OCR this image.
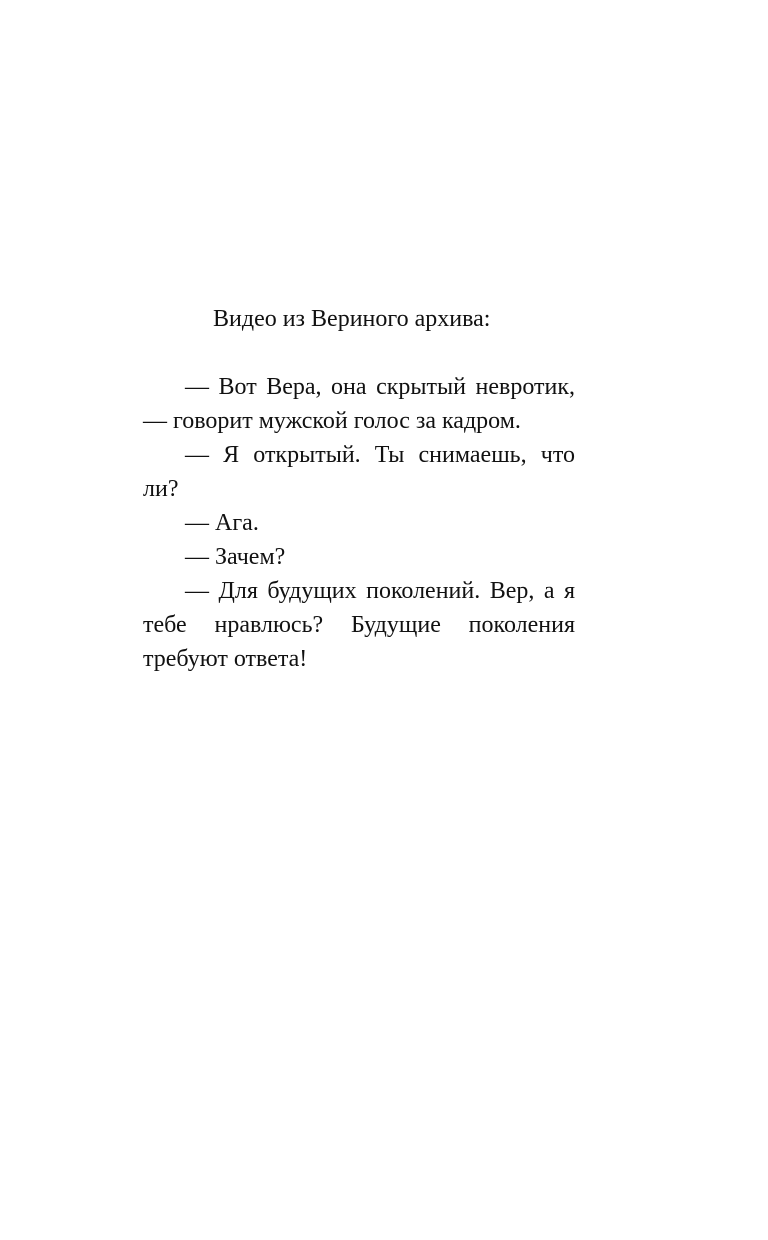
Видео из Вериного архива:

— Вот Вера, она скрытый невротик, — говорит мужской голос за кадром.

— Я открытый. Ты снимаешь, что ли?

— Ага.

— Зачем?

— Для будущих поколений. Вер, а я тебе нравлюсь? Будущие поколения требуют ответа!
